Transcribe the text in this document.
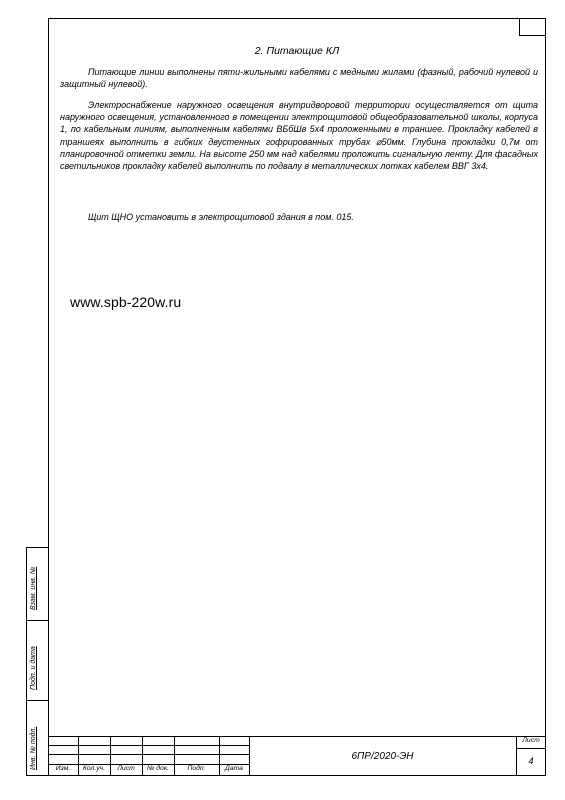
2. Питающие КЛ

Питающие линии выполнены пяти-жильными кабелями с медными жилами (фазный, рабочий нулевой и защитный нулевой).

Электроснабжение наружного освещения внутридворовой территории осуществляется от щита наружного освещения, установленного в помещении электрощитовой общеобразовательной школы, корпуса 1, по кабельным линиям, выполненным кабелями ВБбШв 5х4 проложенными в траншее. Прокладку кабелей в траншеях выполнить в гибких двустенных гофрированных трубах ⌀50мм. Глубина прокладки 0,7м от планировочной отметки земли. На высоте 250 мм над кабелями проложить сигнальную ленту. Для фасадных светильников прокладку кабелей выполнить по подвалу в металлических лотках кабелем ВВГ 3х4.

Щит ЩНО установить в электрощитовой здания в пом. 015.

www.spb-220w.ru
Взам. инв. №
Подп. и дата
Инв. № подл.	Изм.	Кол.уч.	Лист	№ док.	Подп.	Дата
6ПР/2020-ЭН
Лист
4
